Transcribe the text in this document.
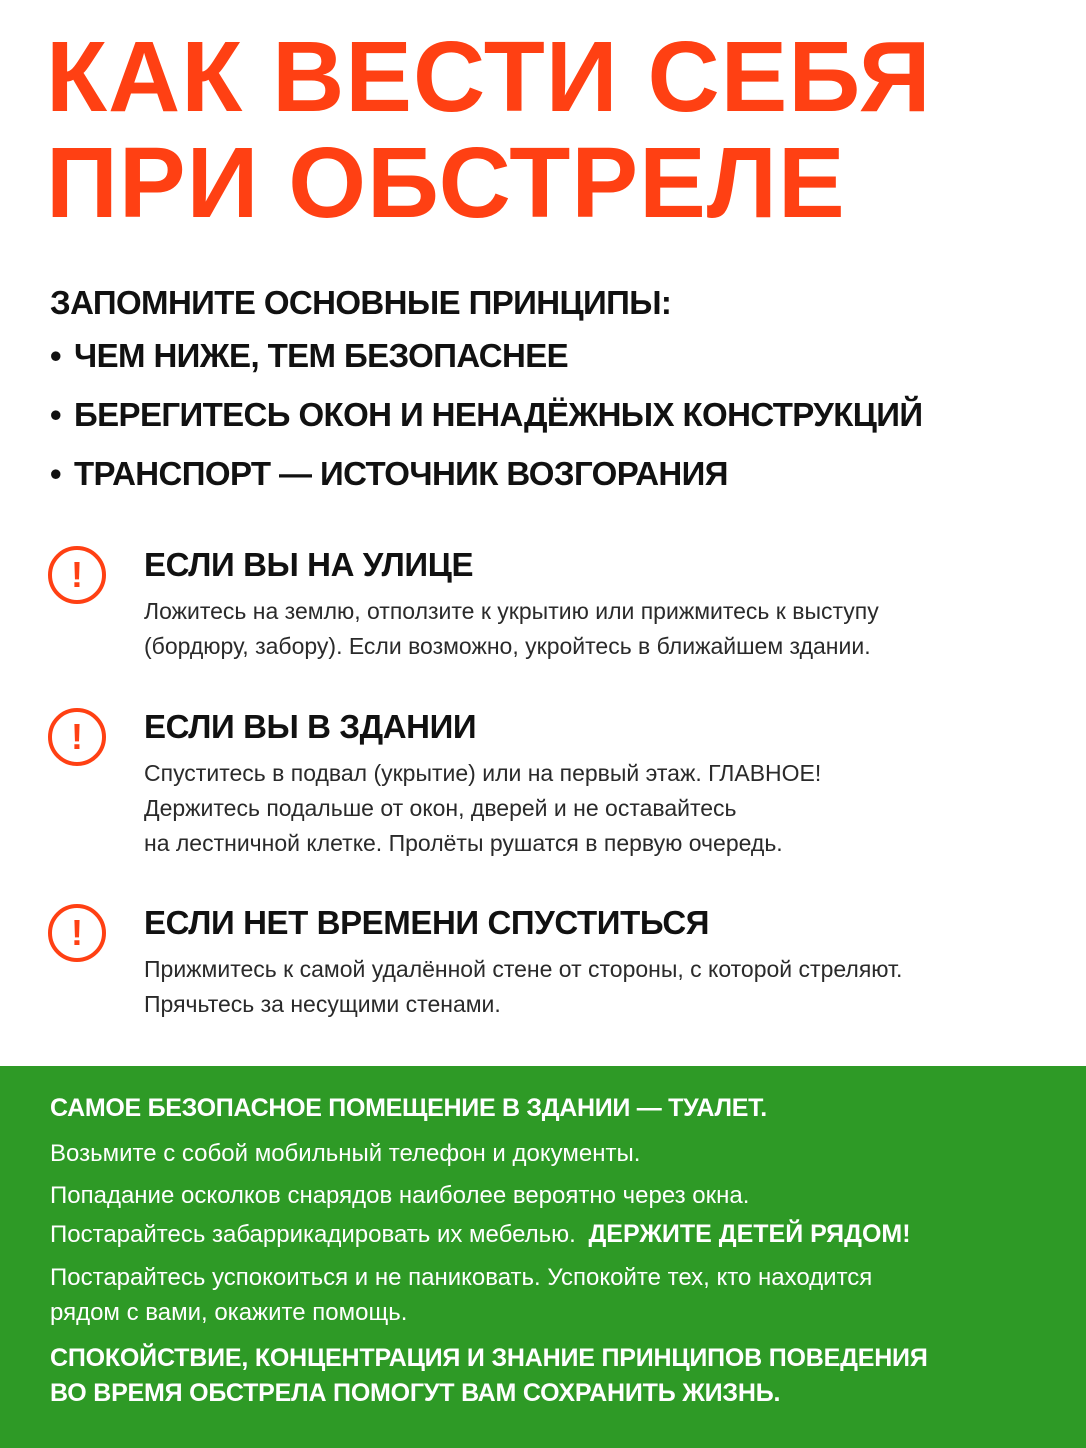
КАК ВЕСТИ СЕБЯ
ПРИ ОБСТРЕЛЕ
ЗАПОМНИТЕ ОСНОВНЫЕ ПРИНЦИПЫ:
• ЧЕМ НИЖЕ, ТЕМ БЕЗОПАСНЕЕ
• БЕРЕГИТЕСЬ ОКОН И НЕНАДЁЖНЫХ КОНСТРУКЦИЙ
• ТРАНСПОРТ — ИСТОЧНИК ВОЗГОРАНИЯ
!	ЕСЛИ ВЫ НА УЛИЦЕ
Ложитесь на землю, отползите к укрытию или прижмитесь к выступу
(бордюру, забору). Если возможно, укройтесь в ближайшем здании.
!	ЕСЛИ ВЫ В ЗДАНИИ
Спуститесь в подвал (укрытие) или на первый этаж. ГЛАВНОЕ!
Держитесь подальше от окон, дверей и не оставайтесь
на лестничной клетке. Пролёты рушатся в первую очередь.
!	ЕСЛИ НЕТ ВРЕМЕНИ СПУСТИТЬСЯ
Прижмитесь к самой удалённой стене от стороны, с которой стреляют.
Прячьтесь за несущими стенами.
САМОЕ БЕЗОПАСНОЕ ПОМЕЩЕНИЕ В ЗДАНИИ — ТУАЛЕТ.
Возьмите с собой мобильный телефон и документы.
Попадание осколков снарядов наиболее вероятно через окна.
Постарайтесь забаррикадировать их мебелью. ДЕРЖИТЕ ДЕТЕЙ РЯДОМ!
Постарайтесь успокоиться и не паниковать. Успокойте тех, кто находится
рядом с вами, окажите помощь.
СПОКОЙСТВИЕ, КОНЦЕНТРАЦИЯ И ЗНАНИЕ ПРИНЦИПОВ ПОВЕДЕНИЯ
ВО ВРЕМЯ ОБСТРЕЛА ПОМОГУТ ВАМ СОХРАНИТЬ ЖИЗНЬ.
